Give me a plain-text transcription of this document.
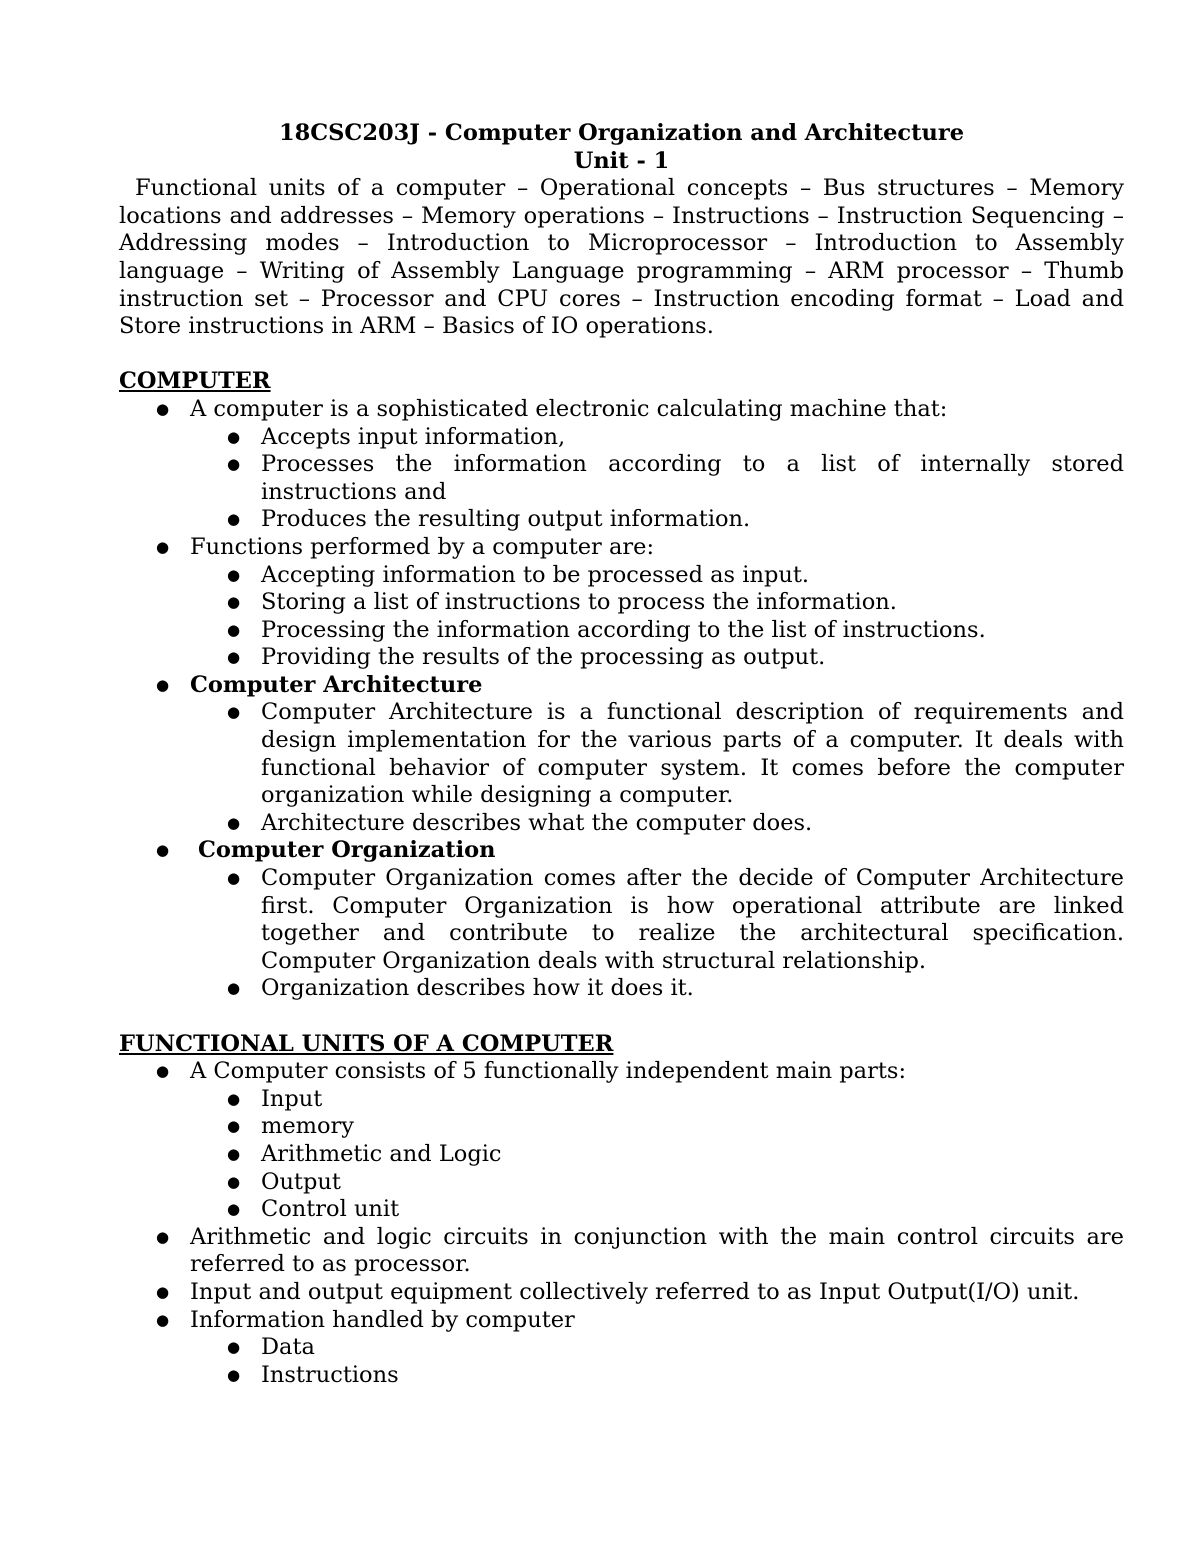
18CSC203J - Computer Organization and Architecture

Unit - 1

Functional units of a computer – Operational concepts – Bus structures – Memory locations and addresses – Memory operations – Instructions – Instruction Sequencing – Addressing modes – Introduction to Microprocessor – Introduction to Assembly language – Writing of Assembly Language programming – ARM processor – Thumb instruction set – Processor and CPU cores – Instruction encoding format – Load and Store instructions in ARM – Basics of IO operations.

COMPUTER

● A computer is a sophisticated electronic calculating machine that:
● Accepts input information,
● Processes the information according to a list of internally stored instructions and
● Produces the resulting output information.
● Functions performed by a computer are:
● Accepting information to be processed as input.
● Storing a list of instructions to process the information.
● Processing the information according to the list of instructions.
● Providing the results of the processing as output.
● Computer Architecture
● Computer Architecture is a functional description of requirements and design implementation for the various parts of a computer. It deals with functional behavior of computer system. It comes before the computer organization while designing a computer.
● Architecture describes what the computer does.
● Computer Organization
● Computer Organization comes after the decide of Computer Architecture first. Computer Organization is how operational attribute are linked together and contribute to realize the architectural specification. Computer Organization deals with structural relationship.
● Organization describes how it does it.

FUNCTIONAL UNITS OF A COMPUTER

● A Computer consists of 5 functionally independent main parts:
● Input
● memory
● Arithmetic and Logic
● Output
● Control unit
● Arithmetic and logic circuits in conjunction with the main control circuits are referred to as processor.
● Input and output equipment collectively referred to as Input Output(I/O) unit.
● Information handled by computer
● Data
● Instructions
